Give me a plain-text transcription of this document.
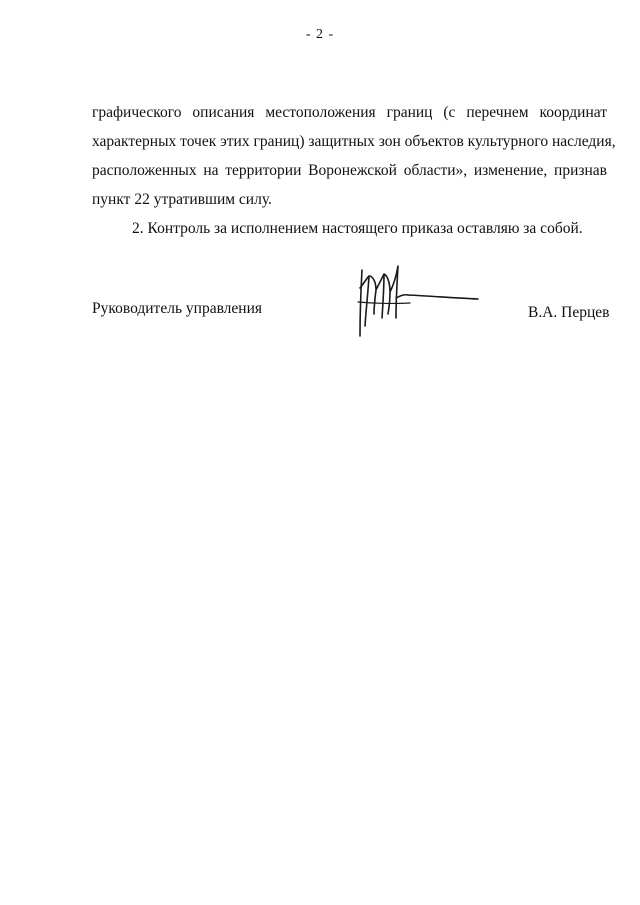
- 2 -
графического описания местоположения границ (с перечнем координат
характерных точек этих границ) защитных зон объектов культурного наследия,
расположенных на территории Воронежской области», изменение, признав
пункт 22 утратившим силу.
2. Контроль за исполнением настоящего приказа оставляю за собой.
Руководитель управления	В.А. Перцев
